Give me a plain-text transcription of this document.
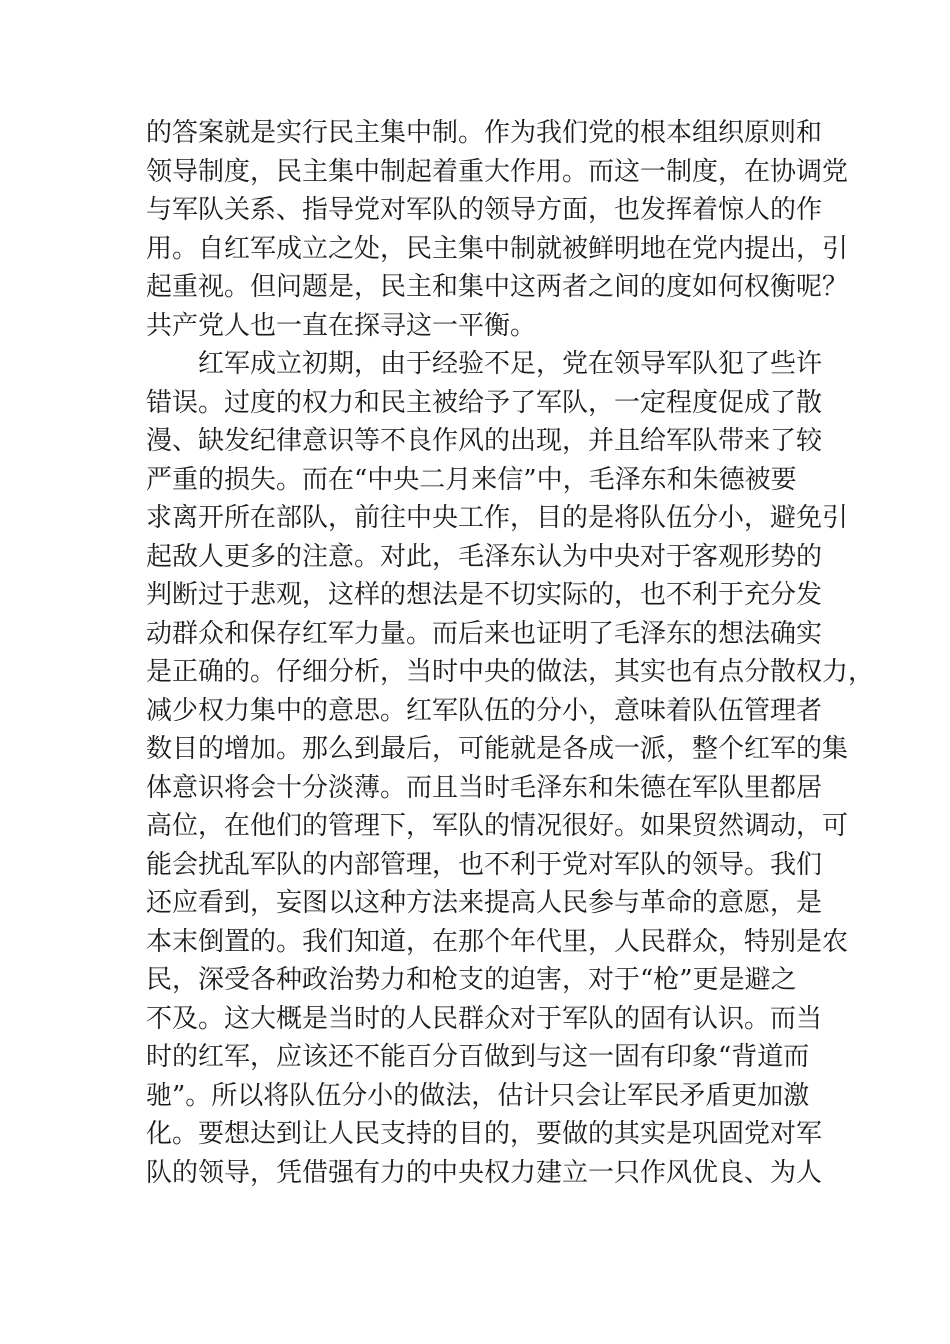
的答案就是实行民主集中制。作为我们党的根本组织原则和
领导制度，民主集中制起着重大作用。而这一制度，在协调党
与军队关系、指导党对军队的领导方面，也发挥着惊人的作
用。自红军成立之处，民主集中制就被鲜明地在党内提出，引
起重视。但问题是，民主和集中这两者之间的度如何权衡呢？
共产党人也一直在探寻这一平衡。
　　红军成立初期，由于经验不足，党在领导军队犯了些许
错误。过度的权力和民主被给予了军队，一定程度促成了散
漫、缺发纪律意识等不良作风的出现，并且给军队带来了较
严重的损失。而在“中央二月来信”中，毛泽东和朱德被要
求离开所在部队，前往中央工作，目的是将队伍分小，避免引
起敌人更多的注意。对此，毛泽东认为中央对于客观形势的
判断过于悲观，这样的想法是不切实际的，也不利于充分发
动群众和保存红军力量。而后来也证明了毛泽东的想法确实
是正确的。仔细分析，当时中央的做法，其实也有点分散权力，
减少权力集中的意思。红军队伍的分小，意味着队伍管理者
数目的增加。那么到最后，可能就是各成一派，整个红军的集
体意识将会十分淡薄。而且当时毛泽东和朱德在军队里都居
高位，在他们的管理下，军队的情况很好。如果贸然调动，可
能会扰乱军队的内部管理，也不利于党对军队的领导。我们
还应看到，妄图以这种方法来提高人民参与革命的意愿，是
本末倒置的。我们知道，在那个年代里，人民群众，特别是农
民，深受各种政治势力和枪支的迫害，对于“枪”更是避之
不及。这大概是当时的人民群众对于军队的固有认识。而当
时的红军，应该还不能百分百做到与这一固有印象“背道而
驰”。所以将队伍分小的做法，估计只会让军民矛盾更加激
化。要想达到让人民支持的目的，要做的其实是巩固党对军
队的领导，凭借强有力的中央权力建立一只作风优良、为人
